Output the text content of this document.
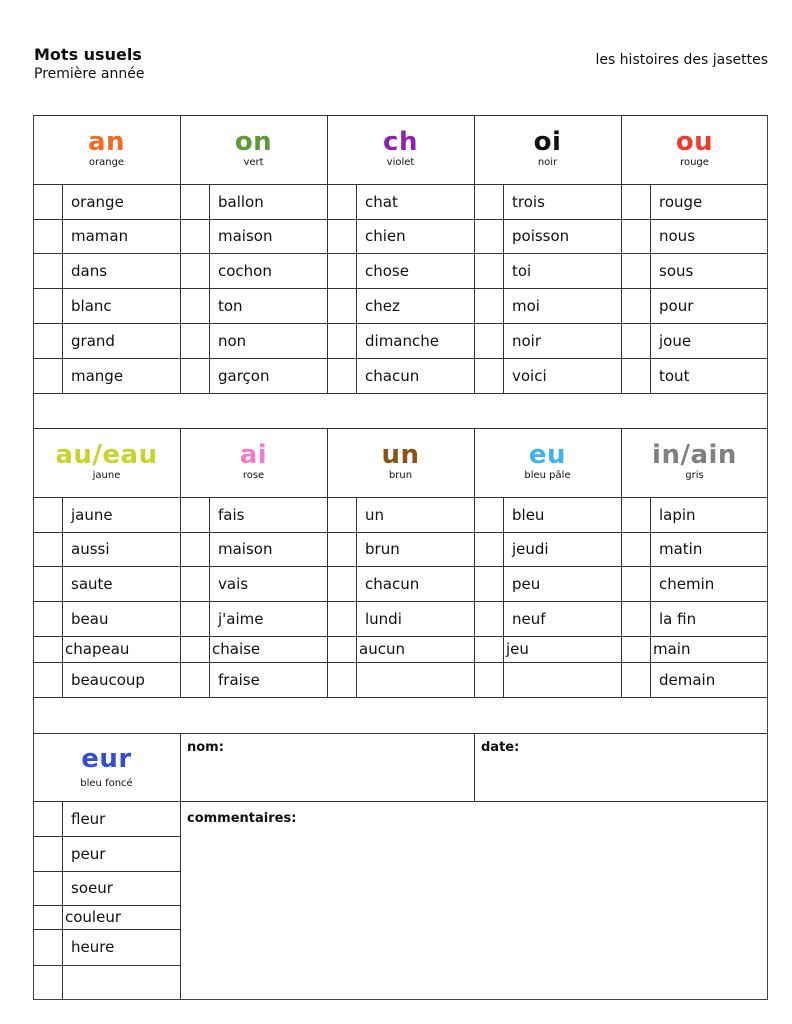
Mots usuels
Première année
les histoires des jasettes
an
orange
orange
maman
dans
blanc
grand
mange
on
vert
ballon
maison
cochon
ton
non
garçon
ch
violet
chat
chien
chose
chez
dimanche
chacun
oi
noir
trois
poisson
toi
moi
noir
voici
ou
rouge
rouge
nous
sous
pour
joue
tout
au/eau
jaune
jaune
aussi
saute
beau
chapeau
beaucoup
ai
rose
fais
maison
vais
j'aime
chaise
fraise
un
brun
un
brun
chacun
lundi
aucun
eu
bleu pâle
bleu
jeudi
peu
neuf
jeu
in/ain
gris
lapin
matin
chemin
la fin
main
demain
eur
bleu foncé
fleur
peur
soeur
couleur
heure
nom:	date:
commentaires:
